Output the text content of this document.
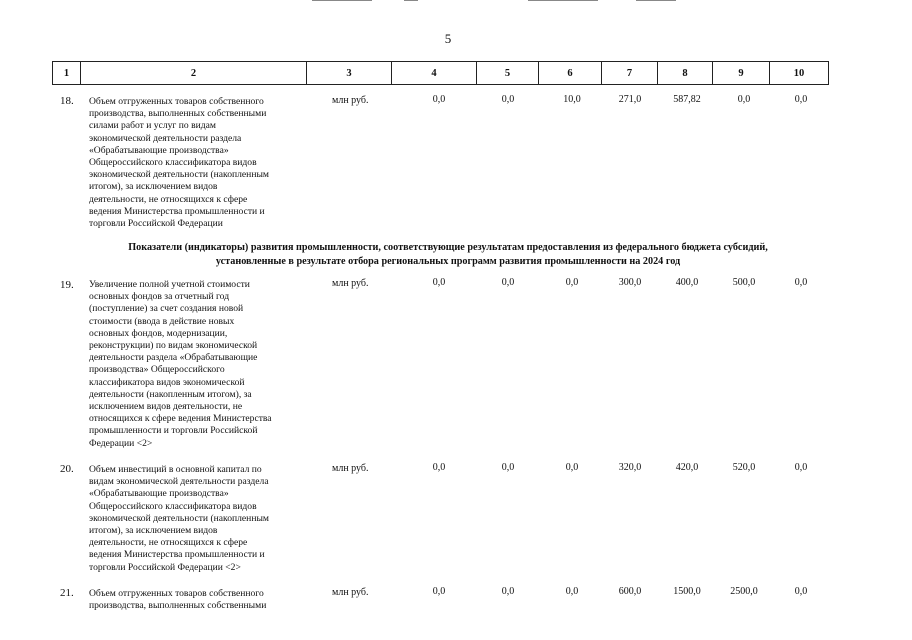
5
1	2	3	4	5	6	7	8	9	10
18. Объем отгруженных товаров собственного
производства, выполненных собственными
силами работ и услуг по видам
экономической деятельности раздела
«Обрабатывающие производства»
Общероссийского классификатора видов
экономической деятельности (накопленным
итогом), за исключением видов
деятельности, не относящихся к сфере
ведения Министерства промышленности и
торговли Российской Федерации
млн руб.	0,0	0,0	10,0	271,0	587,82	0,0	0,0
Показатели (индикаторы) развития промышленности, соответствующие результатам предоставления из федерального бюджета субсидий,
установленные в результате отбора региональных программ развития промышленности на 2024 год
19. Увеличение полной учетной стоимости
основных фондов за отчетный год
(поступление) за счет создания новой
стоимости (ввода в действие новых
основных фондов, модернизации,
реконструкции) по видам экономической
деятельности раздела «Обрабатывающие
производства» Общероссийского
классификатора видов экономической
деятельности (накопленным итогом), за
исключением видов деятельности, не
относящихся к сфере ведения Министерства
промышленности и торговли Российской
Федерации <2>
млн руб.	0,0	0,0	0,0	300,0	400,0	500,0	0,0
20. Объем инвестиций в основной капитал по
видам экономической деятельности раздела
«Обрабатывающие производства»
Общероссийского классификатора видов
экономической деятельности (накопленным
итогом), за исключением видов
деятельности, не относящихся к сфере
ведения Министерства промышленности и
торговли Российской Федерации <2>
млн руб.	0,0	0,0	0,0	320,0	420,0	520,0	0,0
21. Объем отгруженных товаров собственного
производства, выполненных собственными
млн руб.	0,0	0,0	0,0	600,0	1500,0	2500,0	0,0
